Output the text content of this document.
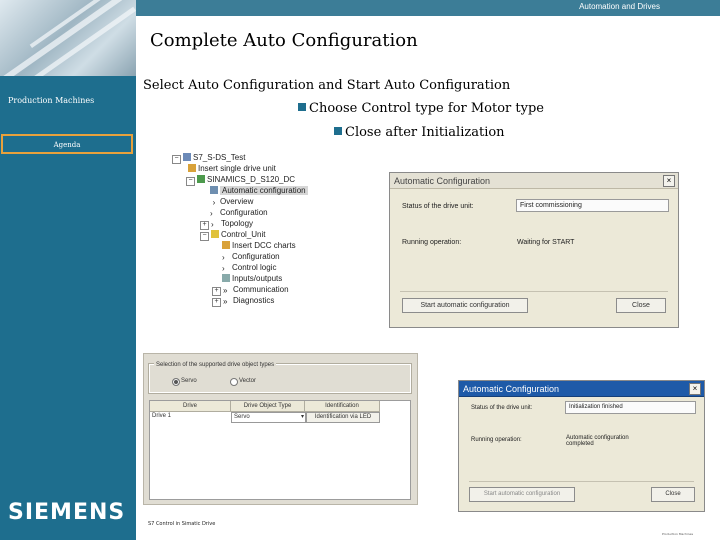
Production Machines
Agenda
SIEMENS
Automation and Drives
Complete Auto Configuration
Select Auto Configuration and Start Auto Configuration
Choose Control type for Motor type
Close after Initialization
− S7_S-DS_Test
Insert single drive unit
− SINAMICS_D_S120_DC
Automatic configuration
› Overview
› Configuration
+ › Topology
− Control_Unit
Insert DCC charts
› Configuration
› Control logic
Inputs/outputs
+ » Communication
+ » Diagnostics
Automatic Configuration	×
Status of the drive unit:	First commissioning
Running operation:	Waiting for START
Start automatic configuration	Close
Selection of the supported drive object types
Servo	Vector
Drive	Drive Object Type	Identification
Drive 1	Servo	▾	Identification via LED
Automatic Configuration	×
Status of the drive unit:	Initialization finished
Running operation:	Automatic configuration completed
Start automatic configuration	Close
S7 Control in Simatic Drive
Production Machines
